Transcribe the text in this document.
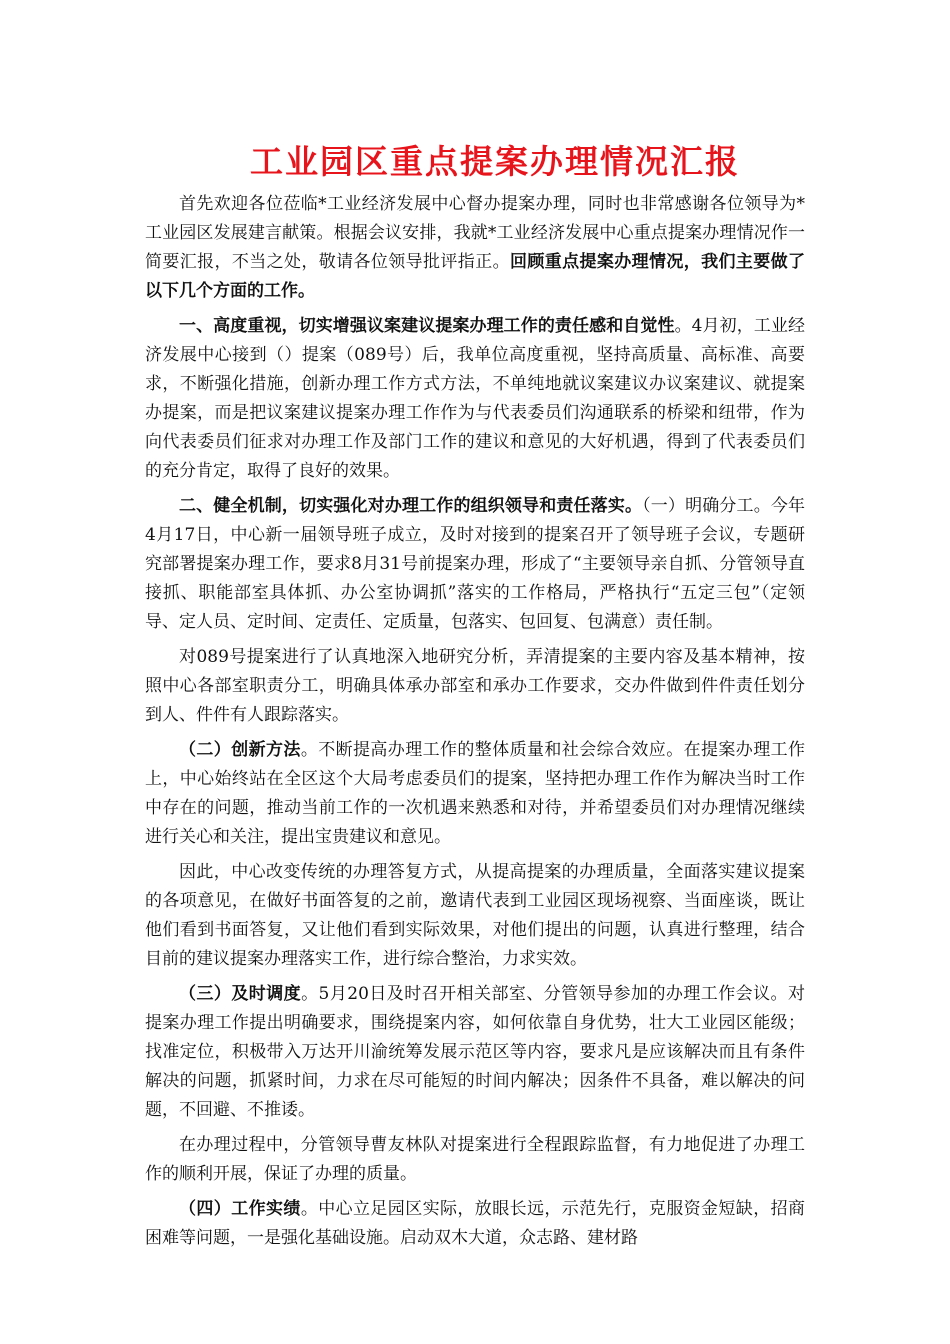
工业园区重点提案办理情况汇报

首先欢迎各位莅临*工业经济发展中心督办提案办理，同时也非常感谢各位领导为*工业园区发展建言献策。根据会议安排，我就*工业经济发展中心重点提案办理情况作一简要汇报，不当之处，敬请各位领导批评指正。回顾重点提案办理情况，我们主要做了以下几个方面的工作。

一、高度重视，切实增强议案建议提案办理工作的责任感和自觉性。4月初，工业经济发展中心接到（）提案（089号）后，我单位高度重视，坚持高质量、高标准、高要求，不断强化措施，创新办理工作方式方法，不单纯地就议案建议办议案建议、就提案办提案，而是把议案建议提案办理工作作为与代表委员们沟通联系的桥梁和纽带，作为向代表委员们征求对办理工作及部门工作的建议和意见的大好机遇，得到了代表委员们的充分肯定，取得了良好的效果。

二、健全机制，切实强化对办理工作的组织领导和责任落实。（一）明确分工。今年4月17日，中心新一届领导班子成立，及时对接到的提案召开了领导班子会议，专题研究部署提案办理工作，要求8月31号前提案办理，形成了“主要领导亲自抓、分管领导直接抓、职能部室具体抓、办公室协调抓”落实的工作格局，严格执行“五定三包”（定领导、定人员、定时间、定责任、定质量，包落实、包回复、包满意）责任制。

对089号提案进行了认真地深入地研究分析，弄清提案的主要内容及基本精神，按照中心各部室职责分工，明确具体承办部室和承办工作要求，交办件做到件件责任划分到人、件件有人跟踪落实。

（二）创新方法。不断提高办理工作的整体质量和社会综合效应。在提案办理工作上，中心始终站在全区这个大局考虑委员们的提案，坚持把办理工作作为解决当时工作中存在的问题，推动当前工作的一次机遇来熟悉和对待，并希望委员们对办理情况继续进行关心和关注，提出宝贵建议和意见。

因此，中心改变传统的办理答复方式，从提高提案的办理质量，全面落实建议提案的各项意见，在做好书面答复的之前，邀请代表到工业园区现场视察、当面座谈，既让他们看到书面答复，又让他们看到实际效果，对他们提出的问题，认真进行整理，结合目前的建议提案办理落实工作，进行综合整治，力求实效。

（三）及时调度。5月20日及时召开相关部室、分管领导参加的办理工作会议。对提案办理工作提出明确要求，围绕提案内容，如何依靠自身优势，壮大工业园区能级；找准定位，积极带入万达开川渝统筹发展示范区等内容，要求凡是应该解决而且有条件解决的问题，抓紧时间，力求在尽可能短的时间内解决；因条件不具备，难以解决的问题，不回避、不推诿。

在办理过程中，分管领导曹友林队对提案进行全程跟踪监督，有力地促进了办理工作的顺利开展，保证了办理的质量。

（四）工作实绩。中心立足园区实际，放眼长远，示范先行，克服资金短缺，招商困难等问题，一是强化基础设施。启动双木大道，众志路、建材路
